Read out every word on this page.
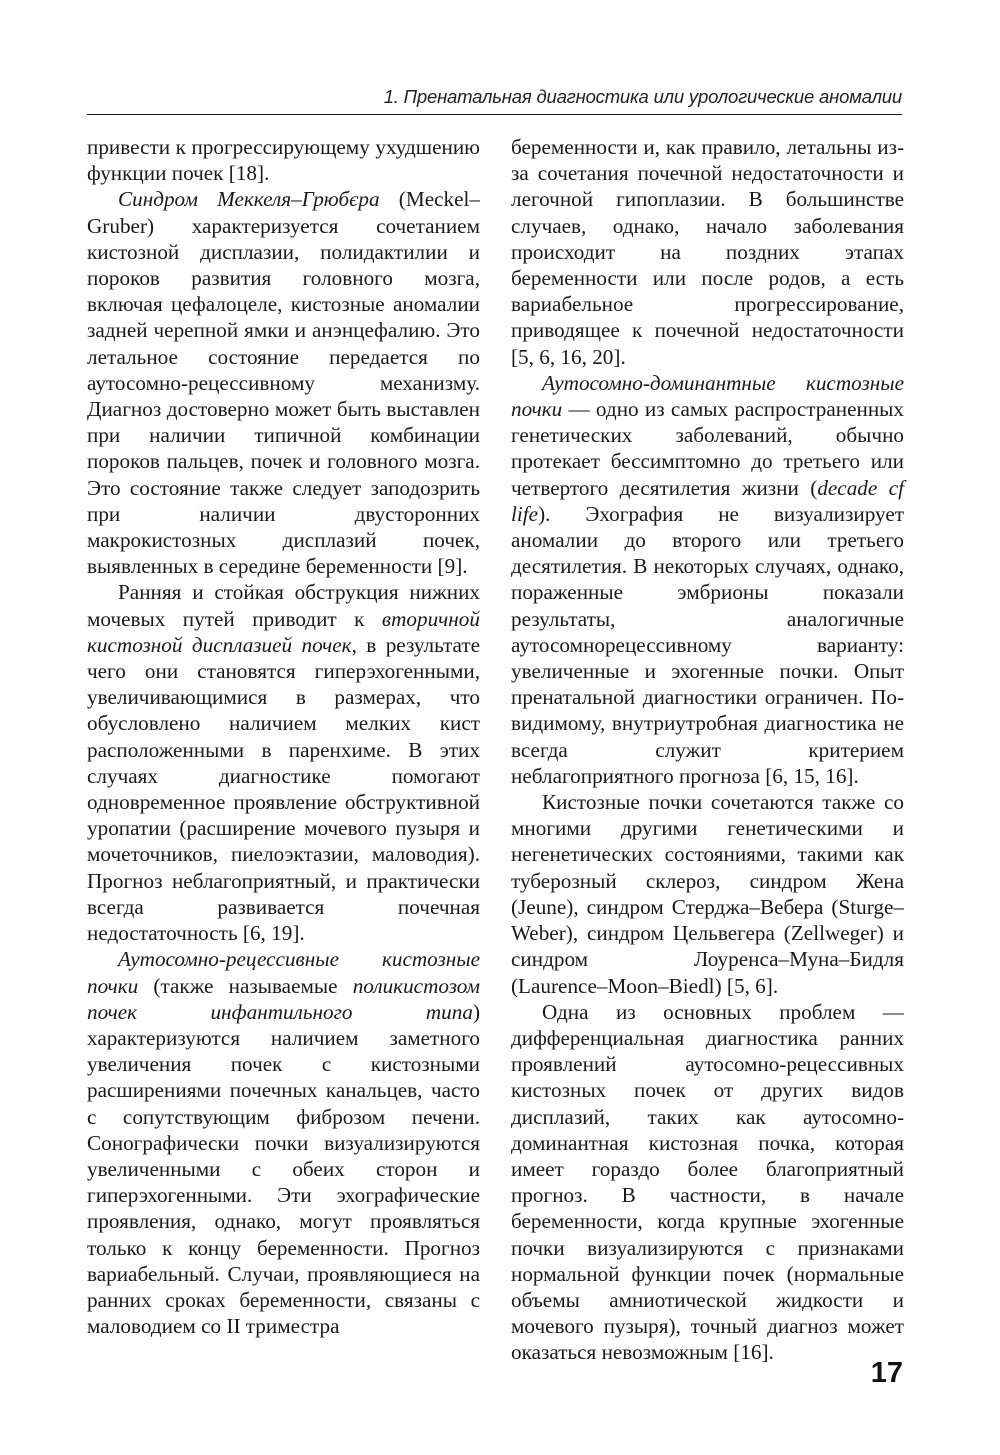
1. Пренатальная диагностика или урологические аномалии

привести к прогрессирующему ухудшению функции почек [18].

Синдром Меккеля–Грюбєра (Meckel–Gruber) характеризуется сочетанием кистозной дисплазии, полидактилии и пороков развития головного мозга, включая цефалоцеле, кистозные аномалии задней черепной ямки и анэнцефалию. Это летальное состояние передается по аутосомно-рецессивному механизму. Диагноз достоверно может быть выставлен при наличии типичной комбинации пороков пальцев, почек и головного мозга. Это состояние также следует заподозрить при наличии двусторонних макрокистозных дисплазий почек, выявленных в середине беременности [9].

Ранняя и стойкая обструкция нижних мочевых путей приводит к вторичной кистозной дисплазией почек, в результате чего они становятся гиперэхогенными, увеличивающимися в размерах, что обусловлено наличием мелких кист расположенными в паренхиме. В этих случаях диагностике помогают одновременное проявление обструктивной уропатии (расширение мочевого пузыря и мочеточников, пиелоэктазии, маловодия). Прогноз неблагоприятный, и практически всегда развивается почечная недостаточность [6, 19].

Аутосомно-рецессивные кистозные почки (также называемые поликистозом почек инфантильного типа) характеризуются наличием заметного увеличения почек с кистозными расширениями почечных канальцев, часто с сопутствующим фиброзом печени. Сонографически почки визуализируются увеличенными с обеих сторон и гиперэхогенными. Эти эхографические проявления, однако, могут проявляться только к концу беременности. Прогноз вариабельный. Случаи, проявляющиеся на ранних сроках беременности, связаны с маловодием со II триместра

беременности и, как правило, летальны из-за сочетания почечной недостаточности и легочной гипоплазии. В большинстве случаев, однако, начало заболевания происходит на поздних этапах беременности или после родов, а есть вариабельное прогрессирование, приводящее к почечной недостаточности [5, 6, 16, 20].

Аутосомно-доминантные кистозные почки — одно из самых распространенных генетических заболеваний, обычно протекает бессимптомно до третьего или четвертого десятилетия жизни (decade сf lіfe). Эхография не визуализирует аномалии до второго или третьего десятилетия. В некоторых случаях, однако, пораженные эмбрионы показали результаты, аналогичные аутосомнорецессивному варианту: увеличенные и эхогенные почки. Опыт пренатальной диагностики ограничен. По-видимому, внутриутробная диагностика не всегда служит критерием неблагоприятного прогноза [6, 15, 16].

Кистозные почки сочетаются также со многими другими генетическими и негенетических состояниями, такими как туберозный склероз, синдром Жена (Jeune), синдром Стерджа–Вебера (Sturge–Weber), синдром Цельвегера (Zellweger) и синдром Лоуренса–Муна–Бидля (Laurence–Moon–Biedl) [5, 6].

Одна из основных проблем — дифференциальная диагностика ранних проявлений аутосомно-рецессивных кистозных почек от других видов дисплазий, таких как аутосомно-доминантная кистозная почка, которая имеет гораздо более благоприятный прогноз. В частности, в начале беременности, когда крупные эхогенные почки визуализируются с признаками нормальной функции почек (нормальные объемы амниотической жидкости и мочевого пузыря), точный диагноз может оказаться невозможным [16].

17
